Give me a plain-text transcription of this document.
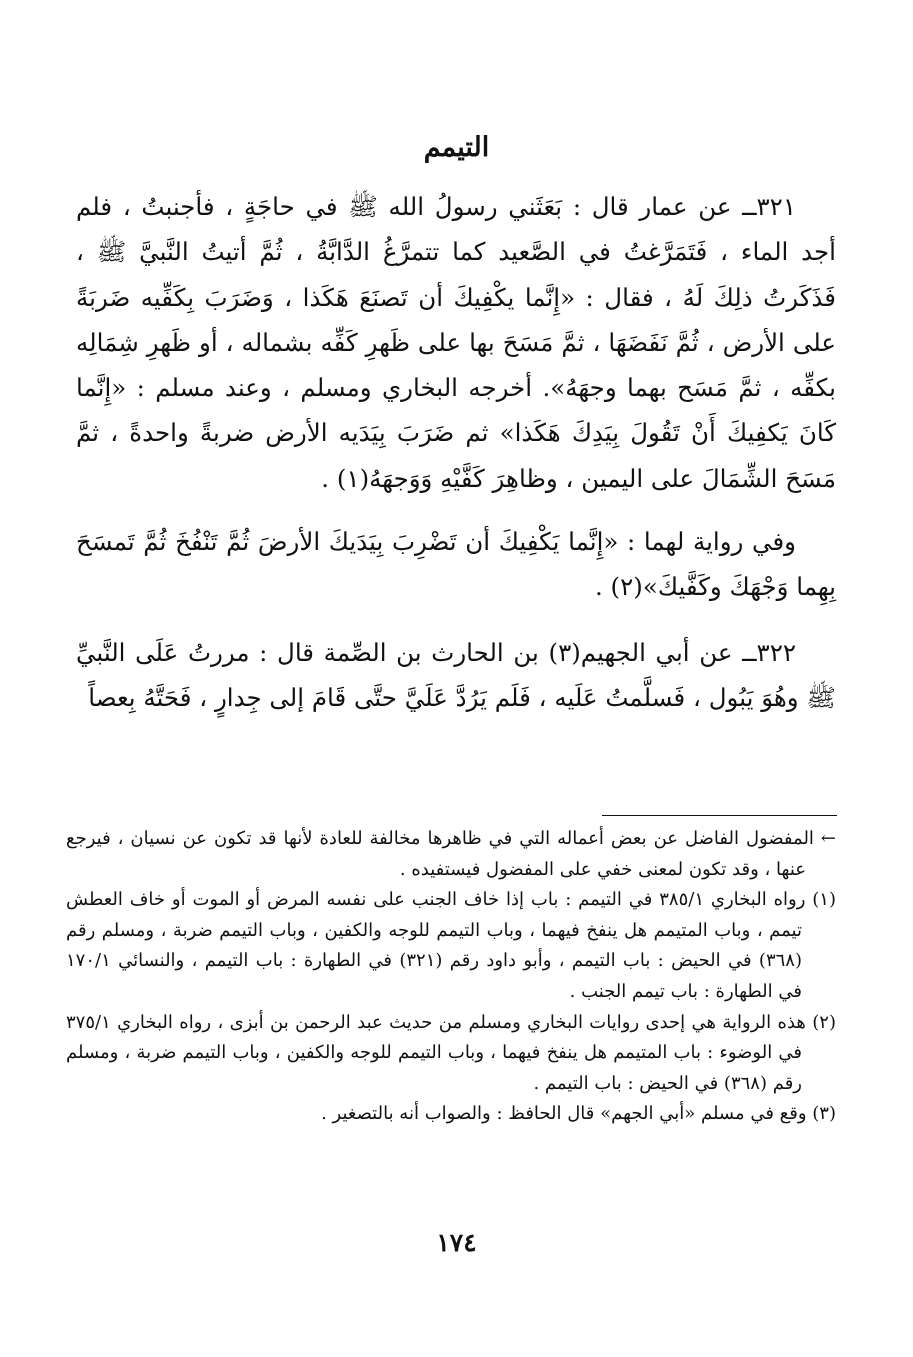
التيمم

٣٢١ــ عن عمار قال : بَعَثَني رسولُ الله ﷺ في حاجَةٍ ، فأجنبتُ ، فلم أجد الماء ، فَتَمَرَّغتُ في الصَّعيد كما تتمرَّغُ الدَّابَّةُ ، ثُمَّ أتيتُ النَّبيَّ ﷺ ، فَذَكَرتُ ذلِكَ لَهُ ، فقال : «إِنَّما يكْفِيكَ أن تَصنَعَ هَكَذا ، وَضَرَبَ بِكَفِّيه ضَربَةً على الأرض ، ثُمَّ نَفَضَهَا ، ثمَّ مَسَحَ بها على ظَهرِ كَفِّه بشماله ، أو ظَهرِ شِمَالِه بكفِّه ، ثمَّ مَسَح بهما وجهَهُ». أخرجه البخاري ومسلم ، وعند مسلم : «إِنَّما كَانَ يَكفِيكَ أَنْ تَقُولَ بِيَدِكَ هَكَذا» ثم ضَرَبَ بِيَدَيه الأرض ضربةً واحدةً ، ثمَّ مَسَحَ الشِّمَالَ على اليمين ، وظاهِرَ كَفَّيْهِ وَوَجهَهُ(١) .

وفي رواية لهما : «إِنَّما يَكْفِيكَ أن تَضْرِبَ بِيَدَيكَ الأرضَ ثُمَّ تَنْفُخَ ثُمَّ تَمسَحَ بِهِما وَجْهَكَ وكَفَّيكَ»(٢) .

٣٢٢ــ عن أبي الجهيم(٣) بن الحارث بن الصِّمة قال : مررتُ عَلَى النَّبيِّ ﷺ وهُوَ يَبُول ، فَسلَّمتُ عَلَيه ، فَلَم يَرُدَّ عَلَيَّ حتَّى قَامَ إلى جِدارٍ ، فَحَتَّهُ بِعصاً

← المفضول الفاضل عن بعض أعماله التي في ظاهرها مخالفة للعادة لأنها قد تكون عن نسيان ، فيرجع عنها ، وقد تكون لمعنى خفي على المفضول فيستفيده .

(١) رواه البخاري ٣٨٥/١ في التيمم : باب إذا خاف الجنب على نفسه المرض أو الموت أو خاف العطش تيمم ، وباب المتيمم هل ينفخ فيهما ، وباب التيمم للوجه والكفين ، وباب التيمم ضربة ، ومسلم رقم (٣٦٨) في الحيض : باب التيمم ، وأبو داود رقم (٣٢١) في الطهارة : باب التيمم ، والنسائي ١٧٠/١ في الطهارة : باب تيمم الجنب .

(٢) هذه الرواية هي إحدى روايات البخاري ومسلم من حديث عبد الرحمن بن أبزى ، رواه البخاري ٣٧٥/١ في الوضوء : باب المتيمم هل ينفخ فيهما ، وباب التيمم للوجه والكفين ، وباب التيمم ضربة ، ومسلم رقم (٣٦٨) في الحيض : باب التيمم .

(٣) وقع في مسلم «أبي الجهم» قال الحافظ : والصواب أنه بالتصغير .

١٧٤
